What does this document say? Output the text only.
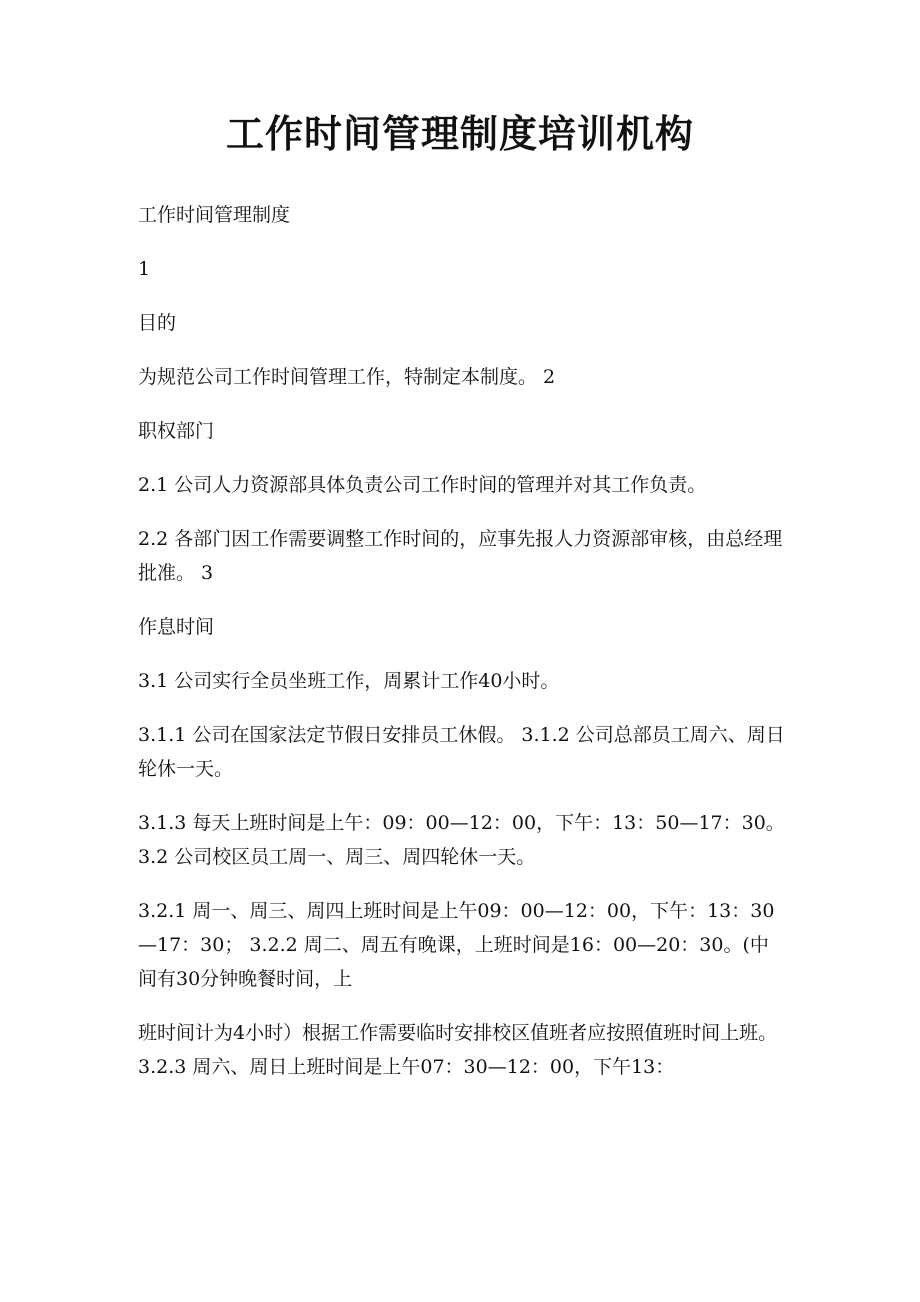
工作时间管理制度培训机构

工作时间管理制度

1

目的

为规范公司工作时间管理工作，特制定本制度。 2

职权部门

2.1 公司人力资源部具体负责公司工作时间的管理并对其工作负责。

2.2 各部门因工作需要调整工作时间的，应事先报人力资源部审核，由总经理批准。 3

作息时间

3.1 公司实行全员坐班工作，周累计工作40小时。

3.1.1 公司在国家法定节假日安排员工休假。 3.1.2 公司总部员工周六、周日轮休一天。

3.1.3 每天上班时间是上午：09：00—12：00，下午：13：50—17：30。 3.2 公司校区员工周一、周三、周四轮休一天。

3.2.1 周一、周三、周四上班时间是上午09：00—12：00，下午：13：30—17：30； 3.2.2 周二、周五有晚课，上班时间是16：00—20：30。(中间有30分钟晚餐时间，上

班时间计为4小时）根据工作需要临时安排校区值班者应按照值班时间上班。 3.2.3 周六、周日上班时间是上午07：30—12：00，下午13：
